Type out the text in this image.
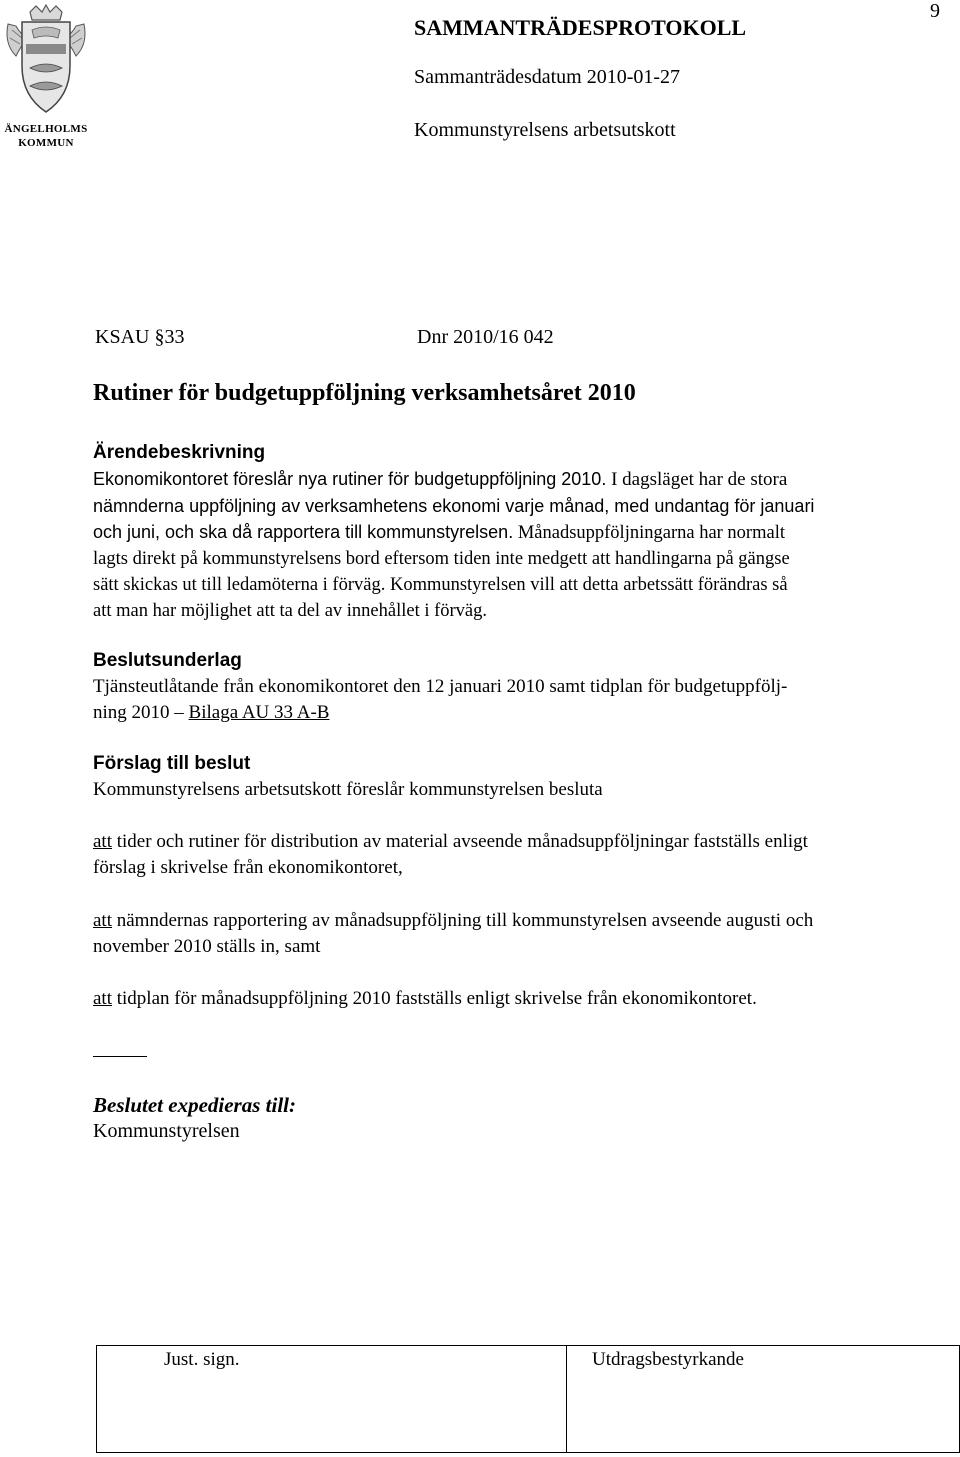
9
ÄNGELHOLMS
KOMMUN
SAMMANTRÄDESPROTOKOLL
Sammanträdesdatum 2010-01-27
Kommunstyrelsens arbetsutskott
KSAU §33	Dnr 2010/16 042
Rutiner för budgetuppföljning verksamhetsåret 2010
Ärendebeskrivning
Ekonomikontoret föreslår nya rutiner för budgetuppföljning 2010. I dagsläget har de stora
nämnderna uppföljning av verksamhetens ekonomi varje månad, med undantag för januari
och juni, och ska då rapportera till kommunstyrelsen. Månadsuppföljningarna har normalt
lagts direkt på kommunstyrelsens bord eftersom tiden inte medgett att handlingarna på gängse
sätt skickas ut till ledamöterna i förväg. Kommunstyrelsen vill att detta arbetssätt förändras så
att man har möjlighet att ta del av innehållet i förväg.
Beslutsunderlag
Tjänsteutlåtande från ekonomikontoret den 12 januari 2010 samt tidplan för budgetuppfölj-
ning 2010 – Bilaga AU 33 A-B
Förslag till beslut
Kommunstyrelsens arbetsutskott föreslår kommunstyrelsen besluta
att tider och rutiner för distribution av material avseende månadsuppföljningar fastställs enligt
förslag i skrivelse från ekonomikontoret,
att nämndernas rapportering av månadsuppföljning till kommunstyrelsen avseende augusti och
november 2010 ställs in, samt
att tidplan för månadsuppföljning 2010 fastställs enligt skrivelse från ekonomikontoret.
Beslutet expedieras till:
Kommunstyrelsen
Just. sign.	Utdragsbestyrkande
